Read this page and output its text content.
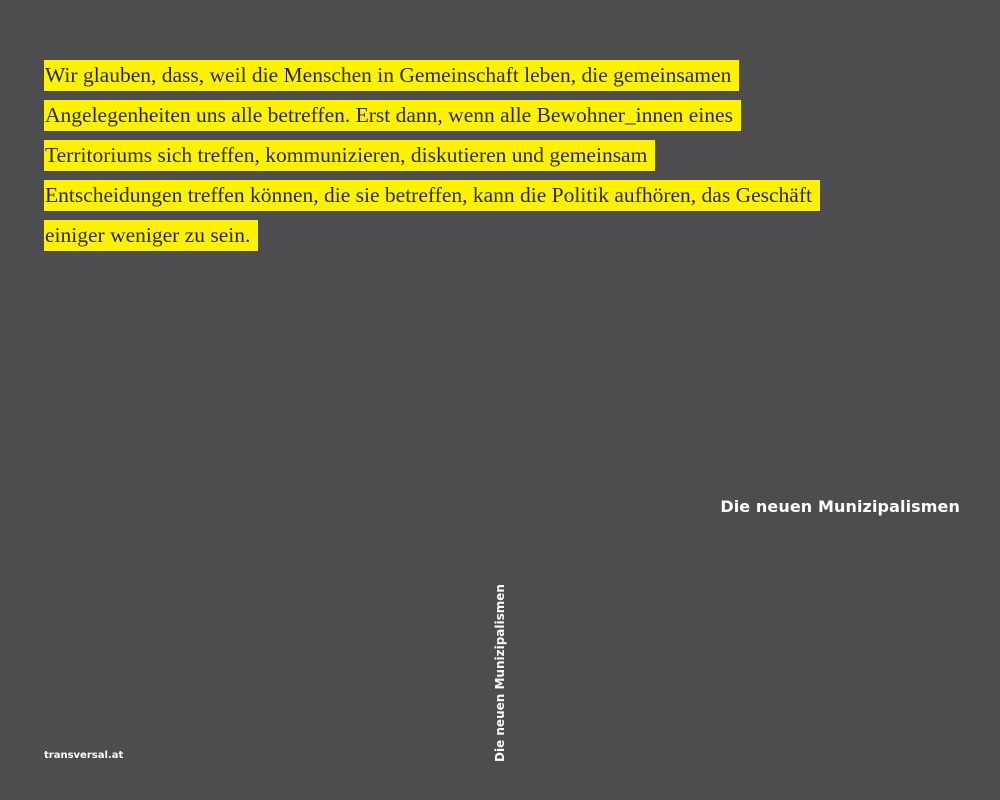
Wir glauben, dass, weil die Menschen in Gemeinschaft leben, die gemeinsamen
Angelegenheiten uns alle betreffen. Erst dann, wenn alle Bewohner_innen eines
Territoriums sich treffen, kommunizieren, diskutieren und gemeinsam
Entscheidungen treffen können, die sie betreffen, kann die Politik aufhören, das Geschäft
einiger weniger zu sein.
Die neuen Munizipalismen
Die neuen Munizipalismen
transversal.at
